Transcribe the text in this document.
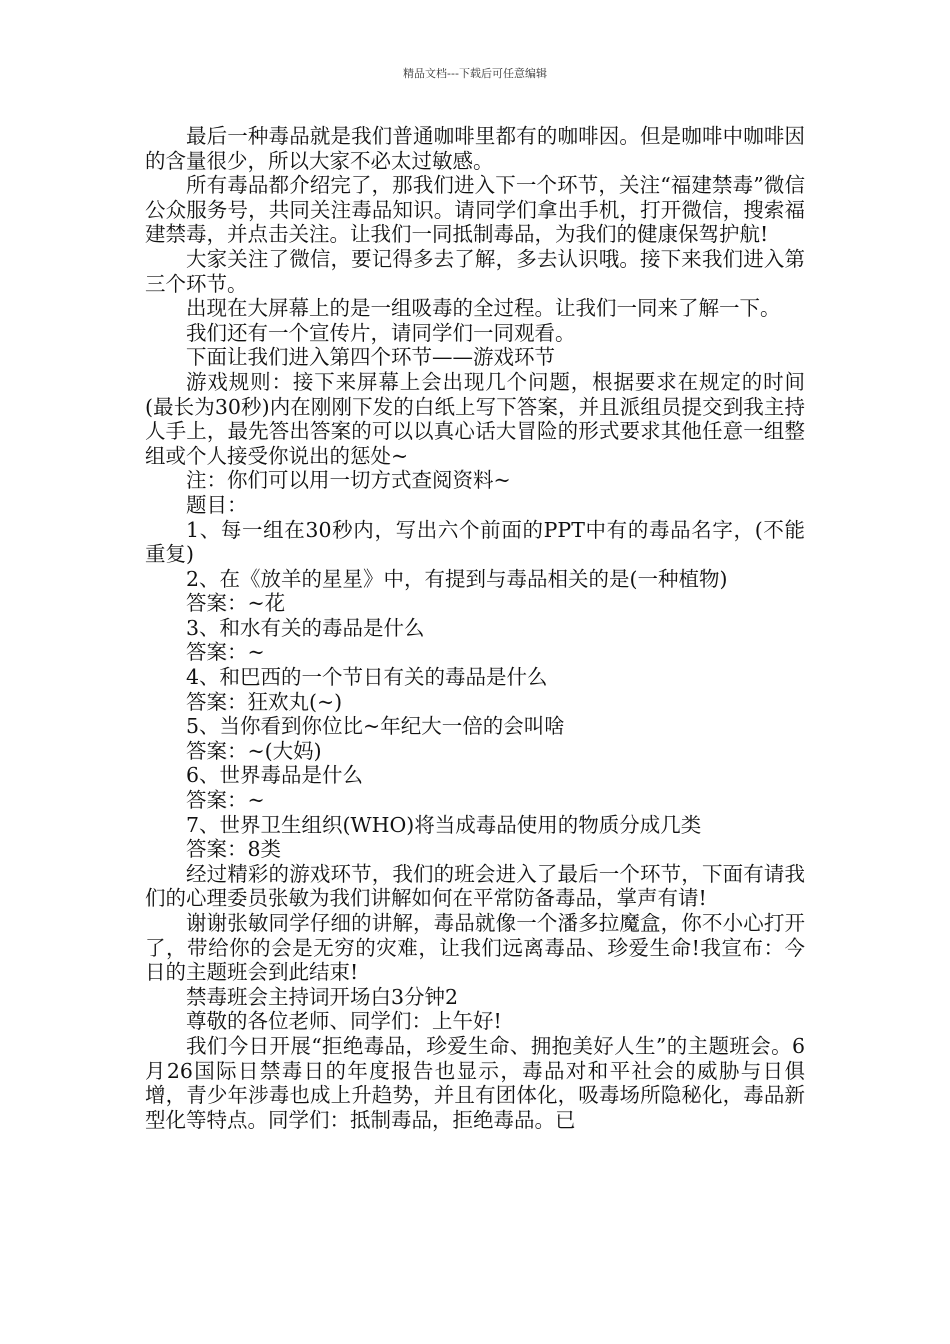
精品文档---下载后可任意编辑

最后一种毒品就是我们普通咖啡里都有的咖啡因。但是咖啡中咖啡因的含量很少，所以大家不必太过敏感。

所有毒品都介绍完了，那我们进入下一个环节，关注“福建禁毒”微信公众服务号，共同关注毒品知识。请同学们拿出手机，打开微信，搜索福建禁毒，并点击关注。让我们一同抵制毒品，为我们的健康保驾护航!

大家关注了微信，要记得多去了解，多去认识哦。接下来我们进入第三个环节。

出现在大屏幕上的是一组吸毒的全过程。让我们一同来了解一下。

我们还有一个宣传片，请同学们一同观看。

下面让我们进入第四个环节——游戏环节

游戏规则：接下来屏幕上会出现几个问题，根据要求在规定的时间(最长为30秒)内在刚刚下发的白纸上写下答案，并且派组员提交到我主持人手上，最先答出答案的可以以真心话大冒险的形式要求其他任意一组整组或个人接受你说出的惩处~

注：你们可以用一切方式查阅资料~

题目：

1、每一组在30秒内，写出六个前面的PPT中有的毒品名字，(不能重复)

2、在《放羊的星星》中，有提到与毒品相关的是(一种植物)

答案：~花

3、和水有关的毒品是什么

答案：~

4、和巴西的一个节日有关的毒品是什么

答案：狂欢丸(~)

5、当你看到你位比~年纪大一倍的会叫啥

答案：~(大妈)

6、世界毒品是什么

答案：~

7、世界卫生组织(WHO)将当成毒品使用的物质分成几类

答案：8类

经过精彩的游戏环节，我们的班会进入了最后一个环节，下面有请我们的心理委员张敏为我们讲解如何在平常防备毒品，掌声有请!

谢谢张敏同学仔细的讲解，毒品就像一个潘多拉魔盒，你不小心打开了，带给你的会是无穷的灾难，让我们远离毒品、珍爱生命!我宣布：今日的主题班会到此结束!

禁毒班会主持词开场白3分钟2

尊敬的各位老师、同学们：上午好!

我们今日开展“拒绝毒品，珍爱生命、拥抱美好人生”的主题班会。6月26国际日禁毒日的年度报告也显示，毒品对和平社会的威胁与日俱增，青少年涉毒也成上升趋势，并且有团体化，吸毒场所隐秘化，毒品新型化等特点。同学们：抵制毒品，拒绝毒品。已
